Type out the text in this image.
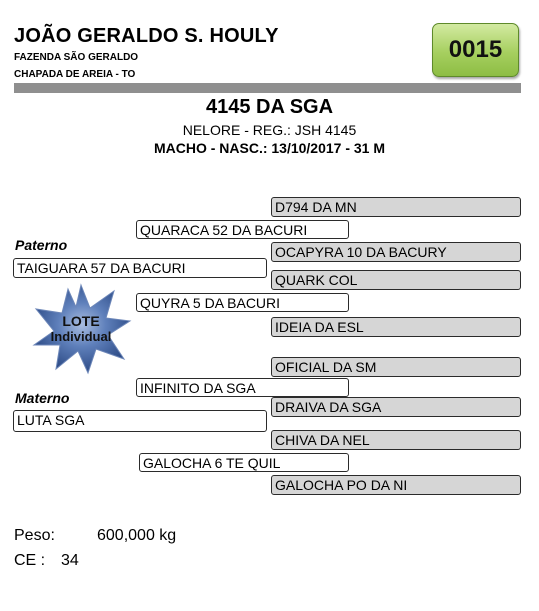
JOÃO GERALDO S. HOULY
FAZENDA SÃO GERALDO
CHAPADA DE AREIA - TO
0015
4145 DA SGA
NELORE - REG.: JSH 4145
MACHO - NASC.: 13/10/2017 - 31 M
D794 DA MN
QUARACA 52 DA BACURI
OCAPYRA 10 DA BACURY
Paterno
TAIGUARA 57 DA BACURI
QUARK COL
QUYRA 5 DA BACURI
IDEIA DA ESL
OFICIAL DA SM
INFINITO DA SGA
DRAIVA DA SGA
Materno
LUTA SGA
CHIVA DA NEL
GALOCHA 6 TE QUIL
GALOCHA PO DA NI
LOTE
Individual
Peso:	600,000 kg
CE : 34
